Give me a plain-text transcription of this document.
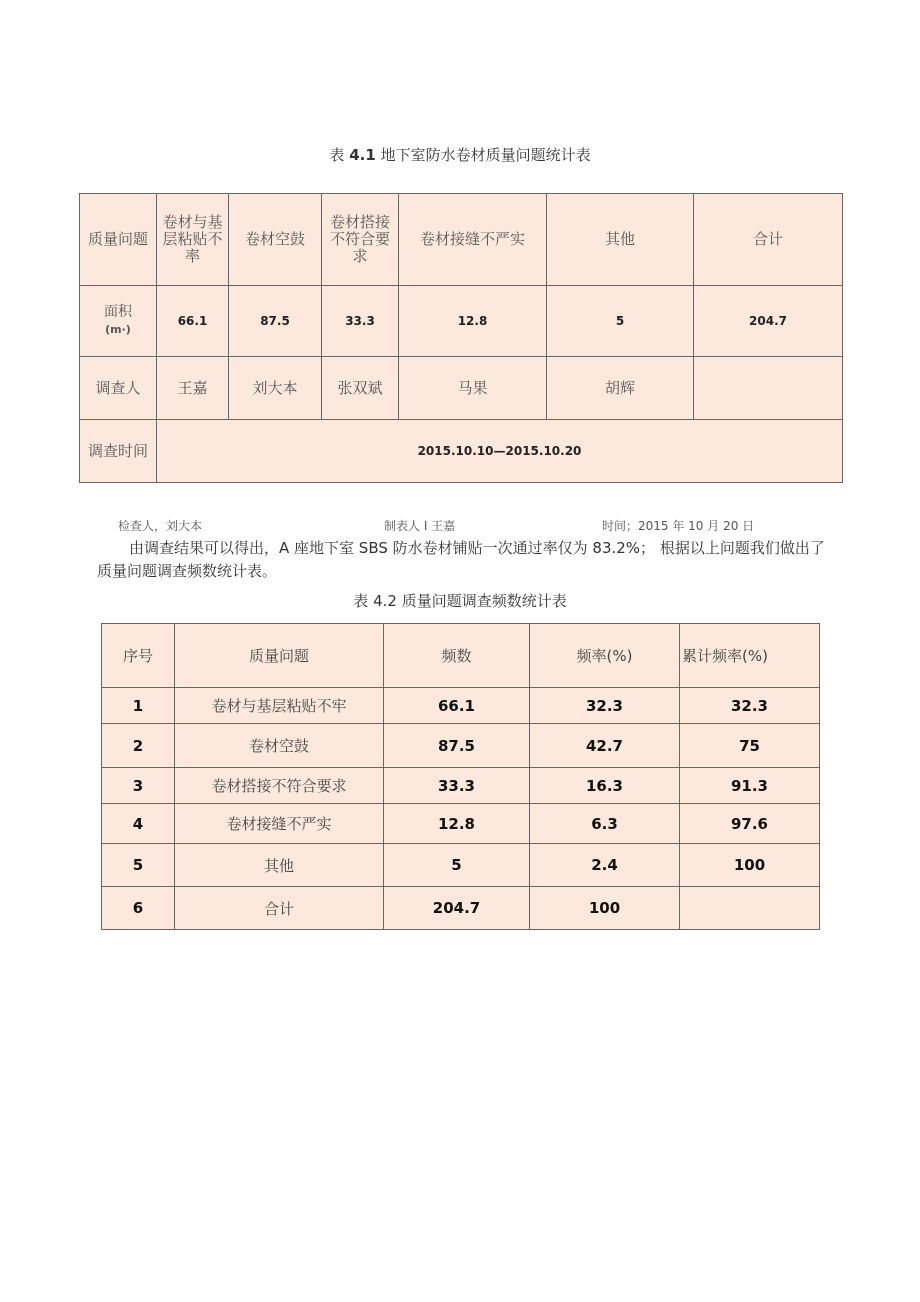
表 4.1 地下室防水卷材质量问题统计表
质量问题	卷材与基层粘贴不率	卷材空鼓	卷材搭接不符合要求	卷材接缝不严实	其他	合计

面积
(m·)	66.1	87.5	33.3	12.8	5	204.7
调查人	王嘉	刘大本	张双斌	马果	胡辉	
调查时间	2015.10.10—2015.10.20					
检查人，刘大本	制表人 I 王嘉	时间；2015 年 10 月 20 日
由调查结果可以得出，A 座地下室 SBS 防水卷材铺贴一次通过率仅为 83.2%； 根据以上问题我们做出了
质量问题调查频数统计表。
表 4.2 质量问题调查频数统计表
序号	质量问题	频数	频率(%)	累计频率(%)
1	卷材与基层粘贴不牢	66.1	32.3	32.3
2	卷材空鼓	87.5	42.7	75
3	卷材搭接不符合要求	33.3	16.3	91.3
4	卷材接缝不严实	12.8	6.3	97.6
5	其他	5	2.4	100
6	合计	204.7	100	
